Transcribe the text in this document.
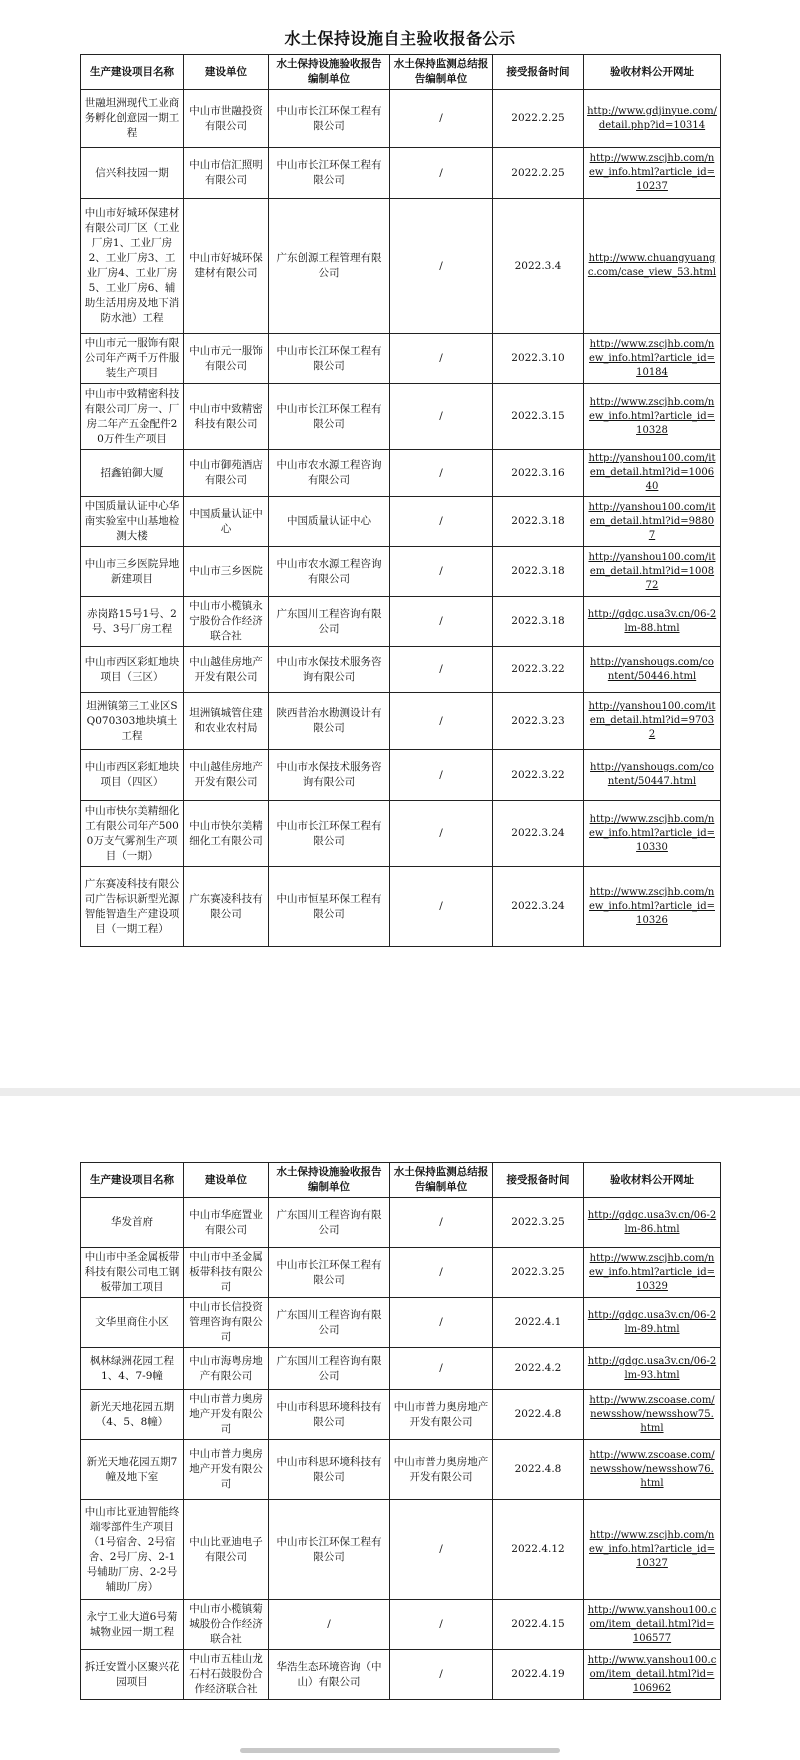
水土保持设施自主验收报备公示
生产建设项目名称	建设单位	水土保持设施验收报告编制单位	水土保持监测总结报告编制单位	接受报备时间	验收材料公开网址
世融坦洲现代工业商务孵化创意园一期工程	中山市世融投资有限公司	中山市长江环保工程有限公司	/	2022.2.25	http://www.gdjinyue.com/detail.php?id=10314
信兴科技园一期	中山市信汇照明有限公司	中山市长江环保工程有限公司	/	2022.2.25	http://www.zscjhb.com/new_info.html?article_id=10237
中山市好城环保建材有限公司厂区（工业厂房1、工业厂房2、工业厂房3、工业厂房4、工业厂房5、工业厂房6、辅助生活用房及地下消防水池）工程	中山市好城环保建材有限公司	广东创源工程管理有限公司	/	2022.3.4	http://www.chuangyuangc.com/case_view_53.html
中山市元一服饰有限公司年产两千万件服装生产项目	中山市元一服饰有限公司	中山市长江环保工程有限公司	/	2022.3.10	http://www.zscjhb.com/new_info.html?article_id=10184
中山市中致精密科技有限公司厂房一、厂房二年产五金配件20万件生产项目	中山市中致精密科技有限公司	中山市长江环保工程有限公司	/	2022.3.15	http://www.zscjhb.com/new_info.html?article_id=10328
招鑫铂御大厦	中山市御苑酒店有限公司	中山市农水源工程咨询有限公司	/	2022.3.16	http://yanshou100.com/item_detail.html?id=100640
中国质量认证中心华南实验室中山基地检测大楼	中国质量认证中心	中国质量认证中心	/	2022.3.18	http://yanshou100.com/item_detail.html?id=98807
中山市三乡医院异地新建项目	中山市三乡医院	中山市农水源工程咨询有限公司	/	2022.3.18	http://yanshou100.com/item_detail.html?id=100872
赤岗路15号1号、2号、3号厂房工程	中山市小榄镇永宁股份合作经济联合社	广东国川工程咨询有限公司	/	2022.3.18	http://gdgc.usa3v.cn/06-2lm-88.html
中山市西区彩虹地块项目（三区）	中山越佳房地产开发有限公司	中山市水保技术服务咨询有限公司	/	2022.3.22	http://yanshougs.com/content/50446.html
坦洲镇第三工业区SQ070303地块填土工程	坦洲镇城管住建和农业农村局	陕西昔治水勘测设计有限公司	/	2022.3.23	http://yanshou100.com/item_detail.html?id=97032
中山市西区彩虹地块项目（四区）	中山越佳房地产开发有限公司	中山市水保技术服务咨询有限公司	/	2022.3.22	http://yanshougs.com/content/50447.html
中山市快尔美精细化工有限公司年产5000万支气雾剂生产项目（一期）	中山市快尔美精细化工有限公司	中山市长江环保工程有限公司	/	2022.3.24	http://www.zscjhb.com/new_info.html?article_id=10330
广东赛凌科技有限公司广告标识新型光源智能智造生产建设项目（一期工程）	广东赛凌科技有限公司	中山市恒星环保工程有限公司	/	2022.3.24	http://www.zscjhb.com/new_info.html?article_id=10326
生产建设项目名称	建设单位	水土保持设施验收报告编制单位	水土保持监测总结报告编制单位	接受报备时间	验收材料公开网址
华发首府	中山市华庭置业有限公司	广东国川工程咨询有限公司	/	2022.3.25	http://gdgc.usa3v.cn/06-2lm-86.html
中山市中圣金属板带科技有限公司电工钢板带加工项目	中山市中圣金属板带科技有限公司	中山市长江环保工程有限公司	/	2022.3.25	http://www.zscjhb.com/new_info.html?article_id=10329
文华里商住小区	中山市长信投资管理咨询有限公司	广东国川工程咨询有限公司	/	2022.4.1	http://gdgc.usa3v.cn/06-2lm-89.html
枫林绿洲花园工程1、4、7-9幢	中山市海粤房地产有限公司	广东国川工程咨询有限公司	/	2022.4.2	http://gdgc.usa3v.cn/06-2lm-93.html
新光天地花园五期（4、5、8幢）	中山市普力奥房地产开发有限公司	中山市科思环境科技有限公司	中山市普力奥房地产开发有限公司	2022.4.8	http://www.zscoase.com/newsshow/newsshow75.html
新光天地花园五期7幢及地下室	中山市普力奥房地产开发有限公司	中山市科思环境科技有限公司	中山市普力奥房地产开发有限公司	2022.4.8	http://www.zscoase.com/newsshow/newsshow76.html
中山市比亚迪智能终端零部件生产项目（1号宿舍、2号宿舍、2号厂房、2-1号辅助厂房、2-2号辅助厂房）	中山比亚迪电子有限公司	中山市长江环保工程有限公司	/	2022.4.12	http://www.zscjhb.com/new_info.html?article_id=10327
永宁工业大道6号菊城物业园一期工程	中山市小榄镇菊城股份合作经济联合社	/	/	2022.4.15	http://www.yanshou100.com/item_detail.html?id=106577
拆迁安置小区聚兴花园项目	中山市五桂山龙石村石鼓股份合作经济联合社	华浩生态环境咨询（中山）有限公司	/	2022.4.19	http://www.yanshou100.com/item_detail.html?id=106962
